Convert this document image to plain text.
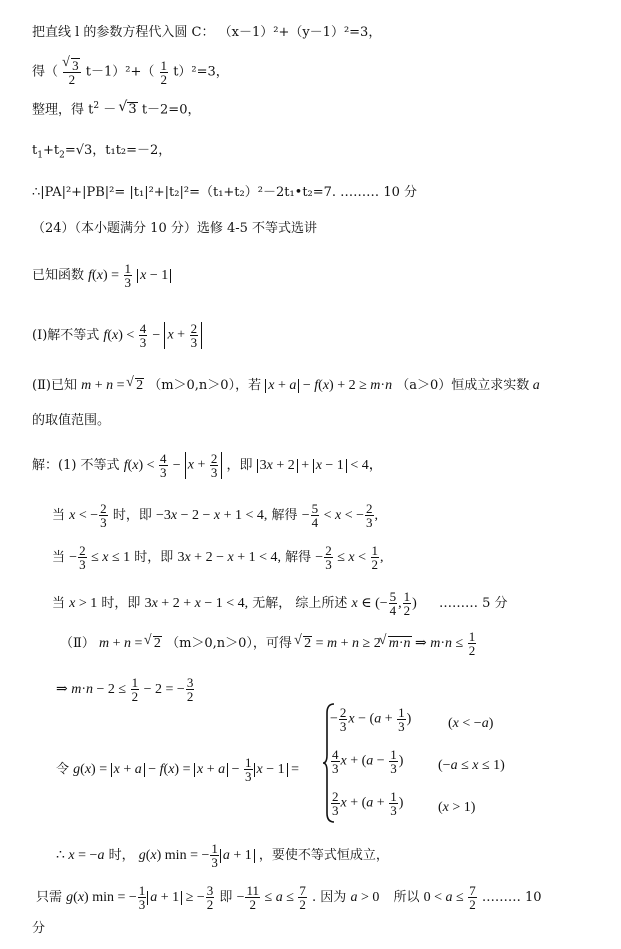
把直线 l 的参数方程代入圆 C： （x－1）²+（y－1）²=3，
得（ √ $\frac{3}{2} t-1)^2+( \frac{1}{2} t)^2=3$，
整理，得 $t^2$ － √ 3 t－2=0，
$t_1+t_2=√3$，t₁t₂=－2，
∴|PA|²+|PB|²= |t₁|²+|t₂|²=（t₁+t₂）²－2t₁•t₂=7. ……… 10 分
（24）（本小题满分 10 分）选修 4-5 不等式选讲
已知函数 $f(x) = \frac{1}{3}$ x − 1
(Ⅰ)解不等式 $f(x) < \frac{4}{3} - x + \frac{2}{3}$
(Ⅱ)已知 m + n = √ 2 （m＞0,n＞0），若 x + a − f(x) + 2 ≥ m·n （a＞0）恒成立求实数 a
的取值范围。
解：(1) 不等式 $f(x) < \frac{4}{3} - x + \frac{2}{3}$ ，即 3x + 2 + x − 1 < 4，
当 x < − $\frac{2}{3}$ 时，即 −3x − 2 − x + 1 < 4, 解得 − $\frac{5}{4} < x$ < − $\frac{2}{3}$ ,
当 − $\frac{2}{3} \le x \le 1$ 时，即 3x + 2 − x + 1 < 4, 解得 − $\frac{2}{3} \le x < \frac{1}{2}$ ,
当 x > 1 时，即 3x + 2 + x − 1 < 4, 无解， 综上所述 x ∈ (− $\frac{5}{4}$ , $\frac{1}{2}$ ) ……… 5 分
（Ⅱ） m + n = √ 2 （m＞0,n＞0），可得 √ 2 = m + n ≥ 2 √ m·n ⇒ $m\cdot n \le \frac{1}{2}$
⇒ $m\cdot n - 2 \le \frac{1}{2} - 2$ = − $\frac{3}{2}$
令 $g(x) = x + a - f(x) = x + a - \frac{1}{3}$ x − 1 =
− $\frac{2}{3}$ $x - (a + \frac{1}{3}$ )	(x < −a)
$\frac{4}{3}$ $x + (a - \frac{1}{3}$ ) (−a ≤ x ≤ 1)
$\frac{2}{3}$ $x + (a + \frac{1}{3}$ ) (x > 1)
∴ x = −a 时， g(x) min = − $\frac{1}{3}$ a + 1 ，要使不等式恒成立，
只需 g(x) min = − $\frac{1}{3}$ a + 1 ≥ − $\frac{3}{2}$ 即 − $\frac{11}{2} \le a \le \frac{7}{2}$ . 因为 a > 0 所以 $0 < a \le \frac{7}{2}$ ……… 10
分
